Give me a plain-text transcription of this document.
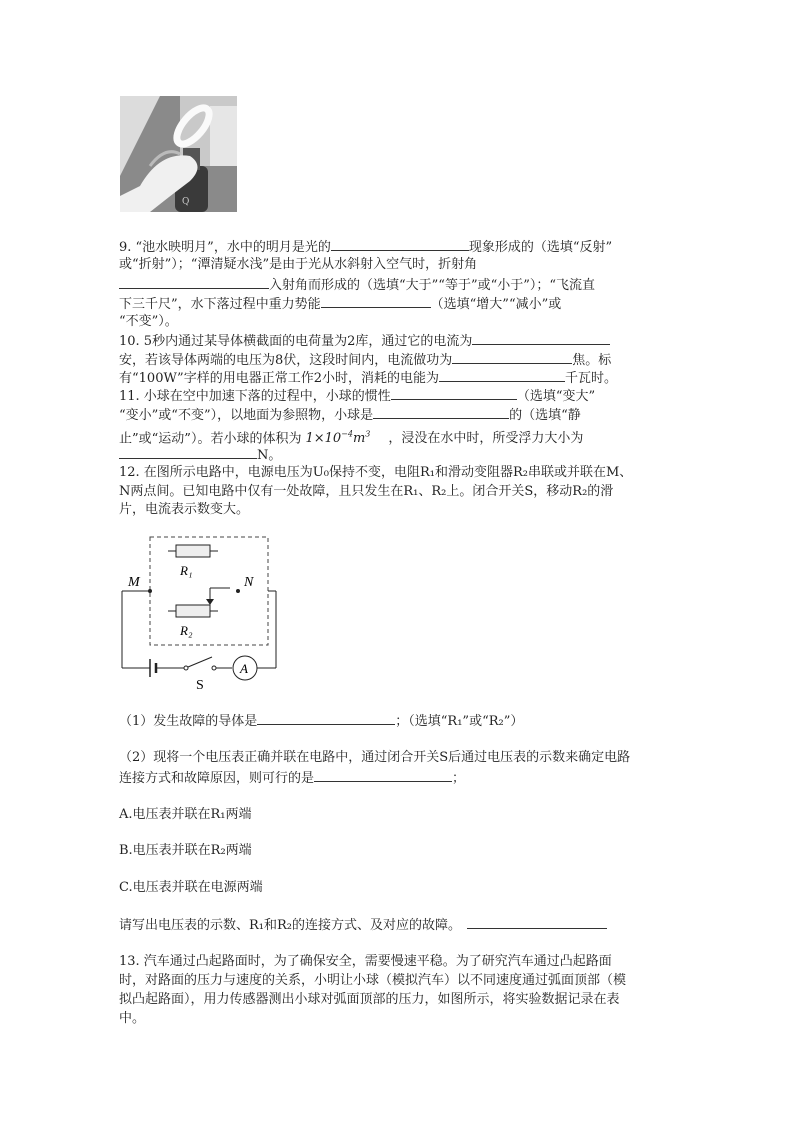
Q
9. “池水映明月”，水中的明月是光的	现象形成的（选填“反射”
或“折射”）；“潭清疑水浅”是由于光从水斜射入空气时，折射角
入射角而形成的（选填“大于”“等于”或“小于”）；“飞流直
下三千尺”，水下落过程中重力势能	（选填“增大”“减小”或
“不变”）。
10. 5秒内通过某导体横截面的电荷量为2库，通过它的电流为
安，若该导体两端的电压为8伏，这段时间内，电流做功为	焦。标
有“100W”字样的用电器正常工作2小时，消耗的电能为	千瓦时。
11. 小球在空中加速下落的过程中，小球的惯性	（选填“变大”
“变小”或“不变”），以地面为参照物，小球是	的（选填“静
止”或“运动”）。若小球的体积为 $1\times 10^{-4}m^3$ ，浸没在水中时，所受浮力大小为
N。
12. 在图所示电路中，电源电压为U₀保持不变，电阻R₁和滑动变阻器R₂串联或并联在M、
N两点间。已知电路中仅有一处故障，且只发生在R₁、R₂上。闭合开关S，移动R₂的滑
片，电流表示数变大。
R₁
R₂
M	N
S
A
（1）发生故障的导体是	；（选填“R₁”或“R₂”）
（2）现将一个电压表正确并联在电路中，通过闭合开关S后通过电压表的示数来确定电路
连接方式和故障原因，则可行的是	；
A.电压表并联在R₁两端
B.电压表并联在R₂两端
C.电压表并联在电源两端
请写出电压表的示数、R₁和R₂的连接方式、及对应的故障。
13. 汽车通过凸起路面时，为了确保安全，需要慢速平稳。为了研究汽车通过凸起路面
时，对路面的压力与速度的关系，小明让小球（模拟汽车）以不同速度通过弧面顶部（模
拟凸起路面），用力传感器测出小球对弧面顶部的压力，如图所示，将实验数据记录在表
中。
